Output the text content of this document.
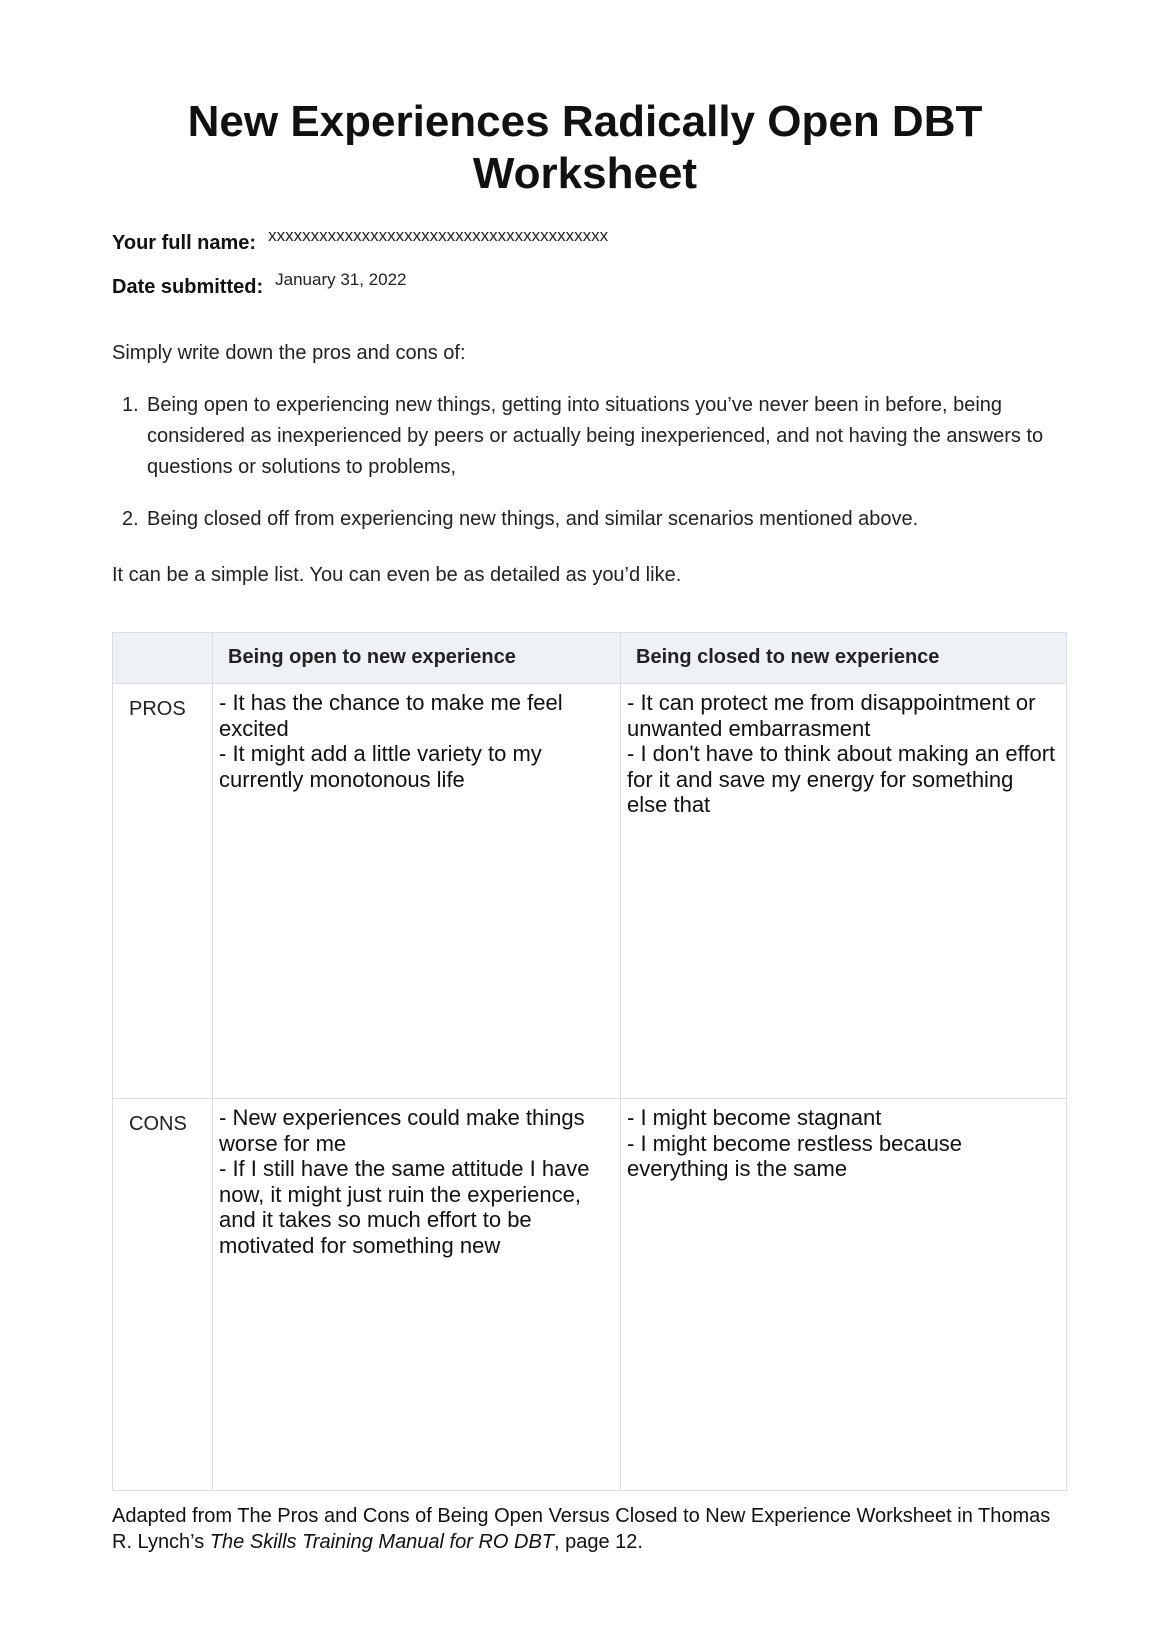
New Experiences Radically Open DBT Worksheet
Your full name: xxxxxxxxxxxxxxxxxxxxxxxxxxxxxxxxxxxxxxxx
Date submitted: January 31, 2022
Simply write down the pros and cons of:
1. Being open to experiencing new things, getting into situations you’ve never been in before, being considered as inexperienced by peers or actually being inexperienced, and not having the answers to questions or solutions to problems,
2. Being closed off from experiencing new things, and similar scenarios mentioned above.
It can be a simple list. You can even be as detailed as you’d like.
	Being open to new experience	Being closed to new experience
PROS	- It has the chance to make me feel excited
- It might add a little variety to my currently monotonous life	- It can protect me from disappointment or unwanted embarrasment
- I don't have to think about making an effort for it and save my energy for something else that

CONS	- New experiences could make things worse for me
- If I still have the same attitude I have now, it might just ruin the experience, and it takes so much effort to be motivated for something new	- I might become stagnant
- I might become restless because everything is the same
Adapted from The Pros and Cons of Being Open Versus Closed to New Experience Worksheet in Thomas R. Lynch’s The Skills Training Manual for RO DBT, page 12.
